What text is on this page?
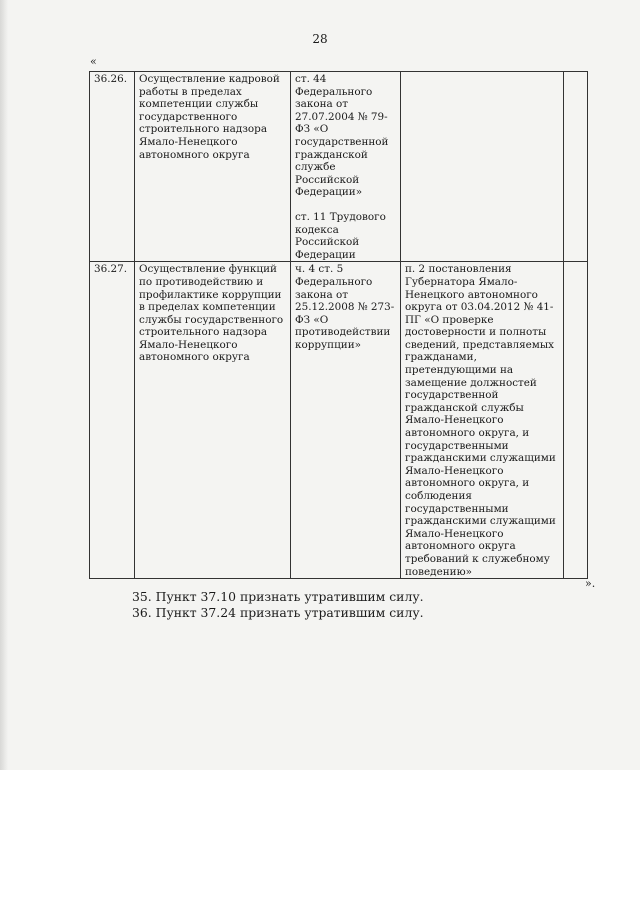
28
«
36.26.	Осуществление кадровой работы в пределах компетенции службы государственного строительного надзора Ямало-Ненецкого автономного округа	ст. 44 Федерального закона от 27.07.2004 № 79-ФЗ «О государственной гражданской службе Российской Федерации»
ст. 11 Трудового кодекса Российской Федерации		

36.27.	Осуществление функций по противодействию и профилактике коррупции в пределах компетенции службы государственного строительного надзора Ямало-Ненецкого автономного округа	ч. 4 ст. 5 Федерального закона от 25.12.2008 № 273-ФЗ «О противодействии коррупции»	п. 2 постановления Губернатора Ямало-Ненецкого автономного округа от 03.04.2012 № 41-ПГ «О проверке достоверности и полноты сведений, представляемых гражданами, претендующими на замещение должностей государственной гражданской службы Ямало-Ненецкого автономного округа, и государственными гражданскими служащими Ямало-Ненецкого автономного округа, и соблюдения государственными гражданскими служащими Ямало-Ненецкого автономного округа требований к служебному поведению»	
».
35. Пункт 37.10 признать утратившим силу.
36. Пункт 37.24 признать утратившим силу.
